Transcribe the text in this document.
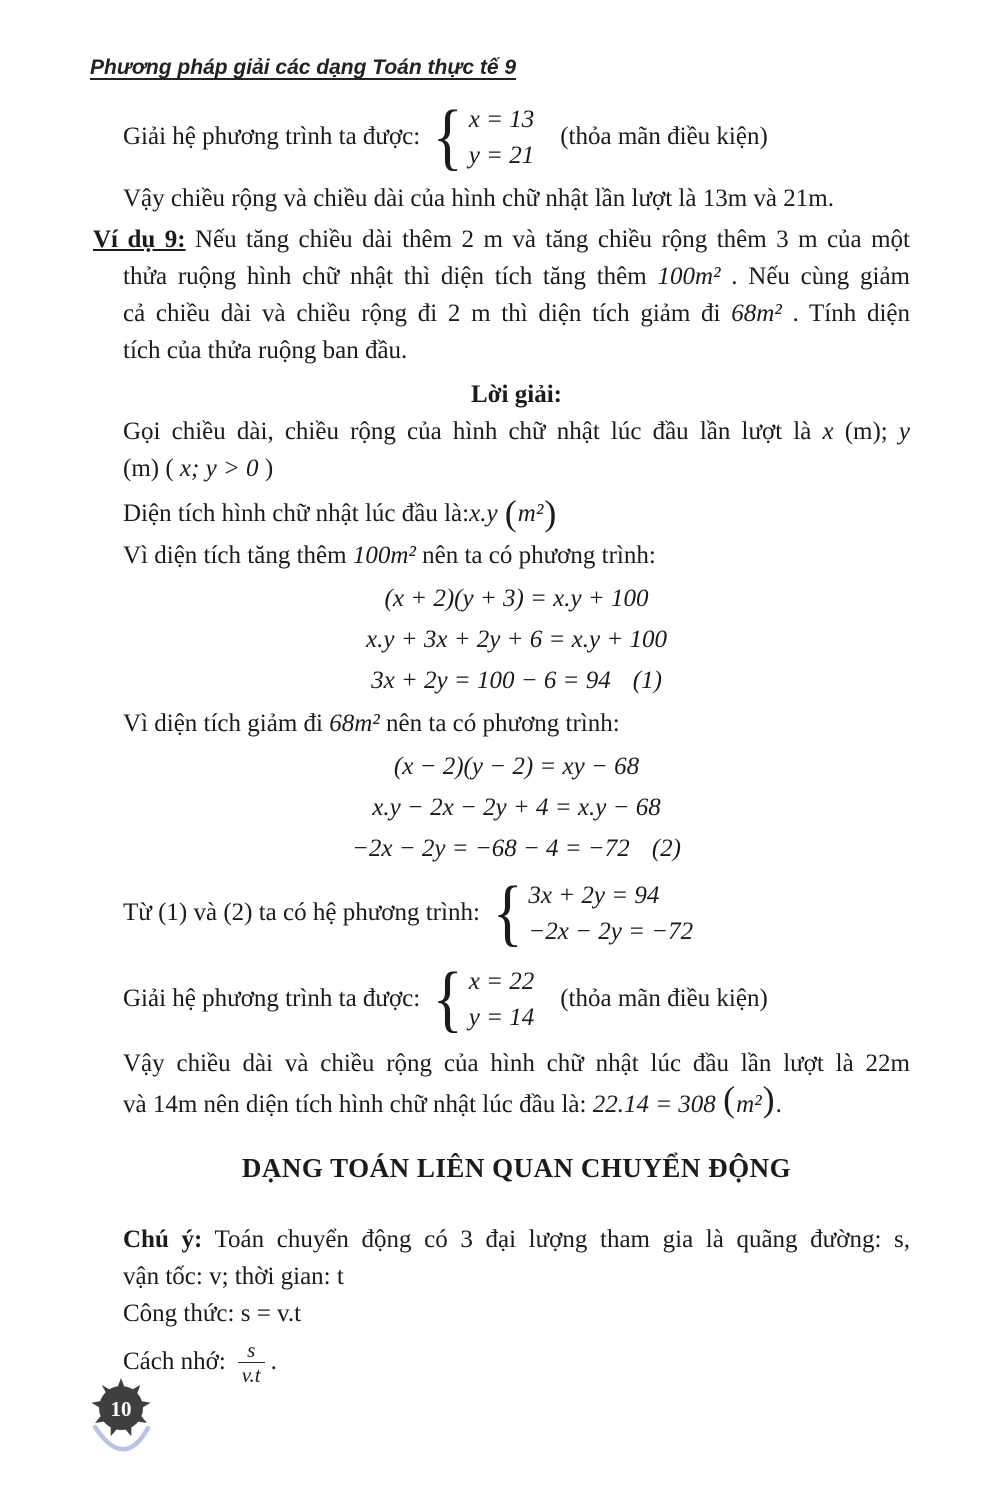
Phương pháp giải các dạng Toán thực tế 9
Giải hệ phương trình ta được: { x = 13
y = 21
(thỏa mãn điều kiện)
Vậy chiều rộng và chiều dài của hình chữ nhật lần lượt là 13m và 21m.
Ví dụ 9: Nếu tăng chiều dài thêm 2 m và tăng chiều rộng thêm 3 m của một
thửa ruộng hình chữ nhật thì diện tích tăng thêm 100m² . Nếu cùng giảm
cả chiều dài và chiều rộng đi 2 m thì diện tích giảm đi 68m² . Tính diện
tích của thửa ruộng ban đầu.
Lời giải:
Gọi chiều dài, chiều rộng của hình chữ nhật lúc đầu lần lượt là x (m); y
(m) ( x; y > 0 )
Diện tích hình chữ nhật lúc đầu là: x.y
( m² )
Vì diện tích tăng thêm 100m² nên ta có phương trình:
(x + 2)(y + 3) = x.y + 100
x.y + 3x + 2y + 6 = x.y + 100
3x + 2y = 100 − 6 = 94 (1)
Vì diện tích giảm đi 68m² nên ta có phương trình:
(x − 2)(y − 2) = xy − 68
x.y − 2x − 2y + 4 = x.y − 68
−2x − 2y = −68 − 4 = −72 (2)
Từ (1) và (2) ta có hệ phương trình: { 3x + 2y = 94
−2x − 2y = −72
Giải hệ phương trình ta được: { x = 22
y = 14
(thỏa mãn điều kiện)
Vậy chiều dài và chiều rộng của hình chữ nhật lúc đầu lần lượt là 22m
và 14m nên diện tích hình chữ nhật lúc đầu là: 22.14 = 308 (m²).
DẠNG TOÁN LIÊN QUAN CHUYỂN ĐỘNG
Chú ý: Toán chuyển động có 3 đại lượng tham gia là quãng đường: s,
vận tốc: v; thời gian: t
Công thức: s = v.t
Cách nhớ: $\frac{s}{v.t}$ .
10
